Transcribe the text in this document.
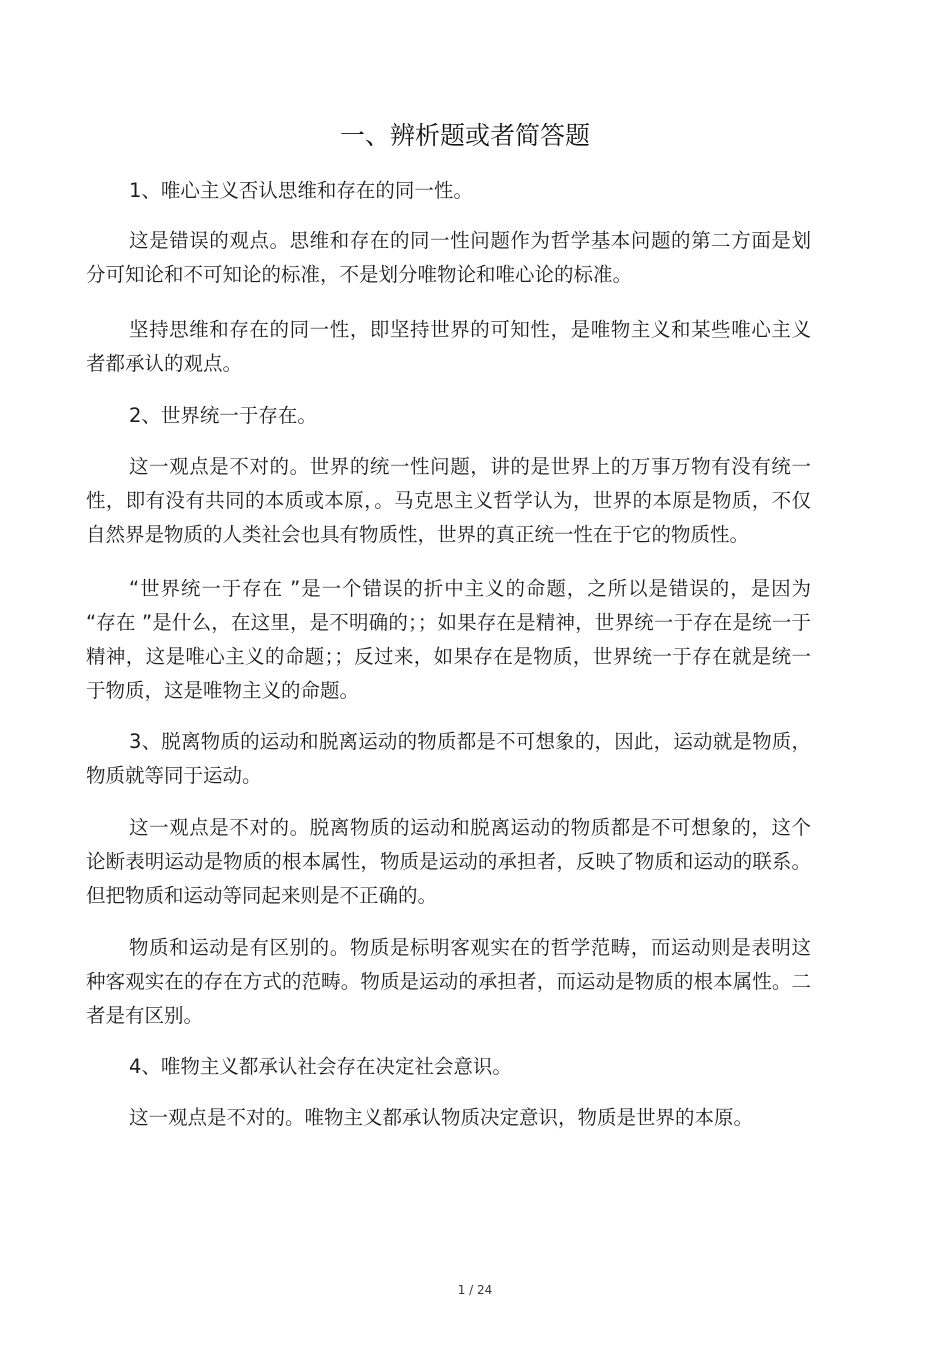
一、辨析题或者简答题

1、唯心主义否认思维和存在的同一性。

这是错误的观点。思维和存在的同一性问题作为哲学基本问题的第二方面是划分可知论和不可知论的标准，不是划分唯物论和唯心论的标准。

坚持思维和存在的同一性，即坚持世界的可知性，是唯物主义和某些唯心主义者都承认的观点。

2、世界统一于存在。

这一观点是不对的。世界的统一性问题，讲的是世界上的万事万物有没有统一性，即有没有共同的本质或本原，。马克思主义哲学认为，世界的本原是物质，不仅自然界是物质的人类社会也具有物质性，世界的真正统一性在于它的物质性。

“世界统一于存在 ”是一个错误的折中主义的命题，之所以是错误的，是因为 “存在 ”是什么，在这里，是不明确的；；如果存在是精神，世界统一于存在是统一于精神，这是唯心主义的命题；；反过来，如果存在是物质，世界统一于存在就是统一于物质，这是唯物主义的命题。

3、脱离物质的运动和脱离运动的物质都是不可想象的，因此，运动就是物质，物质就等同于运动。

这一观点是不对的。脱离物质的运动和脱离运动的物质都是不可想象的，这个论断表明运动是物质的根本属性，物质是运动的承担者，反映了物质和运动的联系。但把物质和运动等同起来则是不正确的。

物质和运动是有区别的。物质是标明客观实在的哲学范畴，而运动则是表明这种客观实在的存在方式的范畴。物质是运动的承担者，而运动是物质的根本属性。二者是有区别。

4、唯物主义都承认社会存在决定社会意识。

这一观点是不对的。唯物主义都承认物质决定意识，物质是世界的本原。

1 / 24
